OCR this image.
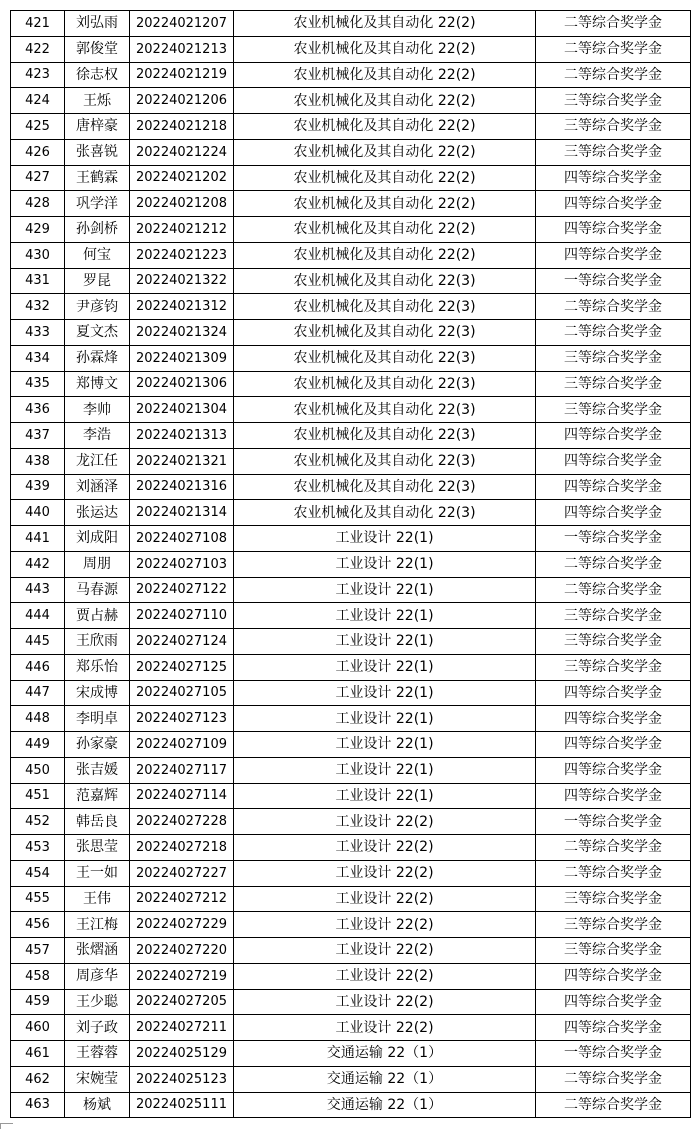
421	刘弘雨	20224021207	农业机械化及其自动化 22(2)	二等综合奖学金
422	郭俊堂	20224021213	农业机械化及其自动化 22(2)	二等综合奖学金
423	徐志权	20224021219	农业机械化及其自动化 22(2)	二等综合奖学金
424	王烁	20224021206	农业机械化及其自动化 22(2)	三等综合奖学金
425	唐梓豪	20224021218	农业机械化及其自动化 22(2)	三等综合奖学金
426	张喜锐	20224021224	农业机械化及其自动化 22(2)	三等综合奖学金
427	王鹤霖	20224021202	农业机械化及其自动化 22(2)	四等综合奖学金
428	巩学洋	20224021208	农业机械化及其自动化 22(2)	四等综合奖学金
429	孙剑桥	20224021212	农业机械化及其自动化 22(2)	四等综合奖学金
430	何宝	20224021223	农业机械化及其自动化 22(2)	四等综合奖学金
431	罗昆	20224021322	农业机械化及其自动化 22(3)	一等综合奖学金
432	尹彦钧	20224021312	农业机械化及其自动化 22(3)	二等综合奖学金
433	夏文杰	20224021324	农业机械化及其自动化 22(3)	二等综合奖学金
434	孙霖烽	20224021309	农业机械化及其自动化 22(3)	三等综合奖学金
435	郑博文	20224021306	农业机械化及其自动化 22(3)	三等综合奖学金
436	李帅	20224021304	农业机械化及其自动化 22(3)	三等综合奖学金
437	李浩	20224021313	农业机械化及其自动化 22(3)	四等综合奖学金
438	龙江任	20224021321	农业机械化及其自动化 22(3)	四等综合奖学金
439	刘涵泽	20224021316	农业机械化及其自动化 22(3)	四等综合奖学金
440	张运达	20224021314	农业机械化及其自动化 22(3)	四等综合奖学金
441	刘成阳	20224027108	工业设计 22(1)	一等综合奖学金
442	周朋	20224027103	工业设计 22(1)	二等综合奖学金
443	马春源	20224027122	工业设计 22(1)	二等综合奖学金
444	贾占赫	20224027110	工业设计 22(1)	三等综合奖学金
445	王欣雨	20224027124	工业设计 22(1)	三等综合奖学金
446	郑乐怡	20224027125	工业设计 22(1)	三等综合奖学金
447	宋成博	20224027105	工业设计 22(1)	四等综合奖学金
448	李明卓	20224027123	工业设计 22(1)	四等综合奖学金
449	孙家豪	20224027109	工业设计 22(1)	四等综合奖学金
450	张吉媛	20224027117	工业设计 22(1)	四等综合奖学金
451	范嘉辉	20224027114	工业设计 22(1)	四等综合奖学金
452	韩岳良	20224027228	工业设计 22(2)	一等综合奖学金
453	张思莹	20224027218	工业设计 22(2)	二等综合奖学金
454	王一如	20224027227	工业设计 22(2)	二等综合奖学金
455	王伟	20224027212	工业设计 22(2)	三等综合奖学金
456	王江梅	20224027229	工业设计 22(2)	三等综合奖学金
457	张熠涵	20224027220	工业设计 22(2)	三等综合奖学金
458	周彦华	20224027219	工业设计 22(2)	四等综合奖学金
459	王少聪	20224027205	工业设计 22(2)	四等综合奖学金
460	刘子政	20224027211	工业设计 22(2)	四等综合奖学金
461	王蓉蓉	20224025129	交通运输 22（1）	一等综合奖学金
462	宋婉莹	20224025123	交通运输 22（1）	二等综合奖学金
463	杨斌	20224025111	交通运输 22（1）	二等综合奖学金
